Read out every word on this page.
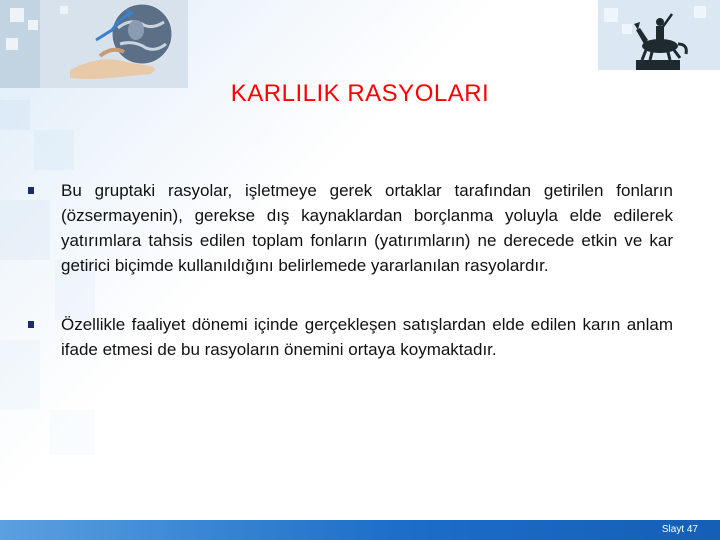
KARLILIK RASYOLARI
Bu gruptaki rasyolar, işletmeye gerek ortaklar tarafından getirilen fonların (özsermayenin), gerekse dış kaynaklardan borçlanma yoluyla elde edilerek yatırımlara tahsis edilen toplam fonların (yatırımların) ne derecede etkin ve kar getirici biçimde kullanıldığını belirlemede yararlanılan rasyolardır.
Özellikle faaliyet dönemi içinde gerçekleşen satışlardan elde edilen karın anlam ifade etmesi de bu rasyoların önemini ortaya koymaktadır.
Slayt 47
